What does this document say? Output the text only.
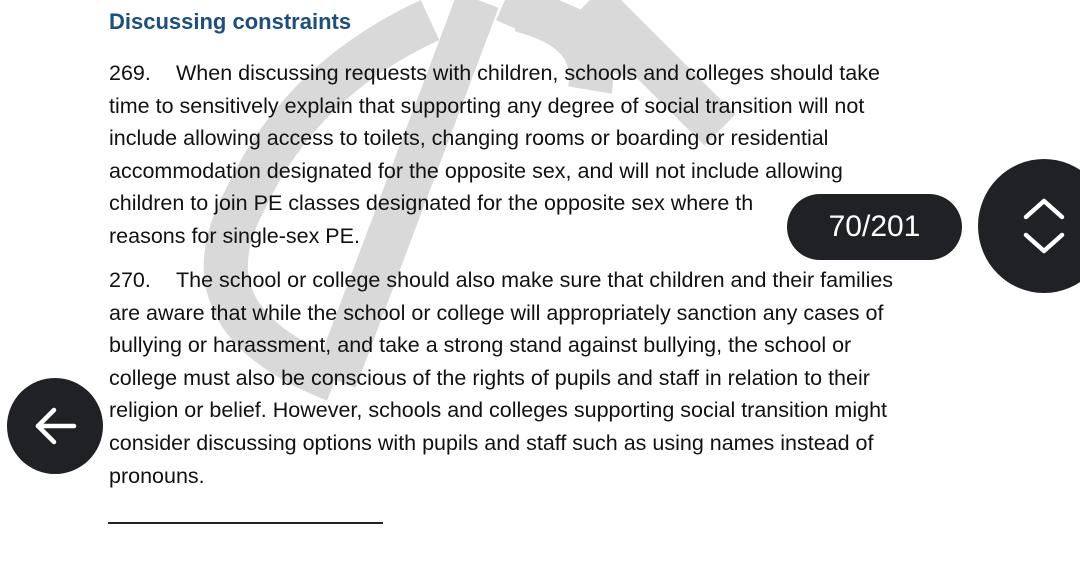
Discussing constraints
269. When discussing requests with children, schools and colleges should take
time to sensitively explain that supporting any degree of social transition will not
include allowing access to toilets, changing rooms or boarding or residential
accommodation designated for the opposite sex, and will not include allowing
children to join PE classes designated for the opposite sex where th
reasons for single-sex PE.
270. The school or college should also make sure that children and their families
are aware that while the school or college will appropriately sanction any cases of
bullying or harassment, and take a strong stand against bullying, the school or
college must also be conscious of the rights of pupils and staff in relation to their
religion or belief. However, schools and colleges supporting social transition might
consider discussing options with pupils and staff such as using names instead of
pronouns.
70/201
